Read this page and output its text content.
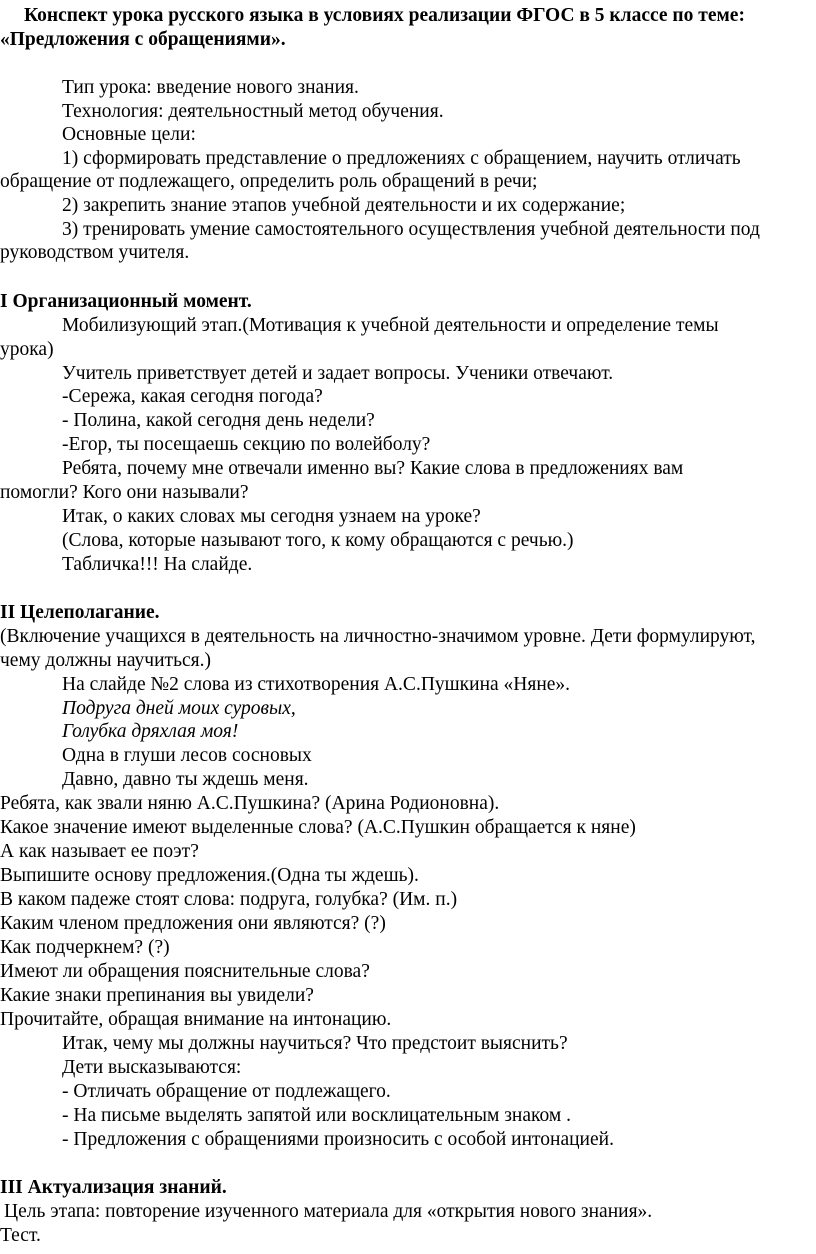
Конспект урока русского языка в условиях реализации ФГОС в 5 классе по теме:
«Предложения с обращениями».
Тип урока: введение нового знания.
Технология: деятельностный метод обучения.
Основные цели:
1) сформировать представление о предложениях с обращением, научить отличать
обращение от подлежащего, определить роль обращений в речи;
2) закрепить знание этапов учебной деятельности и их содержание;
3) тренировать умение самостоятельного осуществления учебной деятельности под
руководством учителя.
I Организационный момент.
Мобилизующий этап.(Мотивация к учебной деятельности и определение темы
урока)
Учитель приветствует детей и задает вопросы. Ученики отвечают.
-Сережа, какая сегодня погода?
- Полина, какой сегодня день недели?
-Егор, ты посещаешь секцию по волейболу?
Ребята, почему мне отвечали именно вы? Какие слова в предложениях вам
помогли? Кого они называли?
Итак, о каких словах мы сегодня узнаем на уроке?
(Слова, которые называют того, к кому обращаются с речью.)
Табличка!!! На слайде.
II Целеполагание.
(Включение учащихся в деятельность на личностно-значимом уровне. Дети формулируют,
чему должны научиться.)
На слайде №2 слова из стихотворения А.С.Пушкина «Няне».
Подруга дней моих суровых,
Голубка дряхлая моя!
Одна в глуши лесов сосновых
Давно, давно ты ждешь меня.
Ребята, как звали няню А.С.Пушкина? (Арина Родионовна).
Какое значение имеют выделенные слова? (А.С.Пушкин обращается к няне)
А как называет ее поэт?
Выпишите основу предложения.(Одна ты ждешь).
В каком падеже стоят слова: подруга, голубка? (Им. п.)
Каким членом предложения они являются? (?)
Как подчеркнем? (?)
Имеют ли обращения пояснительные слова?
Какие знаки препинания вы увидели?
Прочитайте, обращая внимание на интонацию.
Итак, чему мы должны научиться? Что предстоит выяснить?
Дети высказываются:
- Отличать обращение от подлежащего.
- На письме выделять запятой или восклицательным знаком .
- Предложения с обращениями произносить с особой интонацией.
III Актуализация знаний.
Цель этапа: повторение изученного материала для «открытия нового знания».
Тест.
